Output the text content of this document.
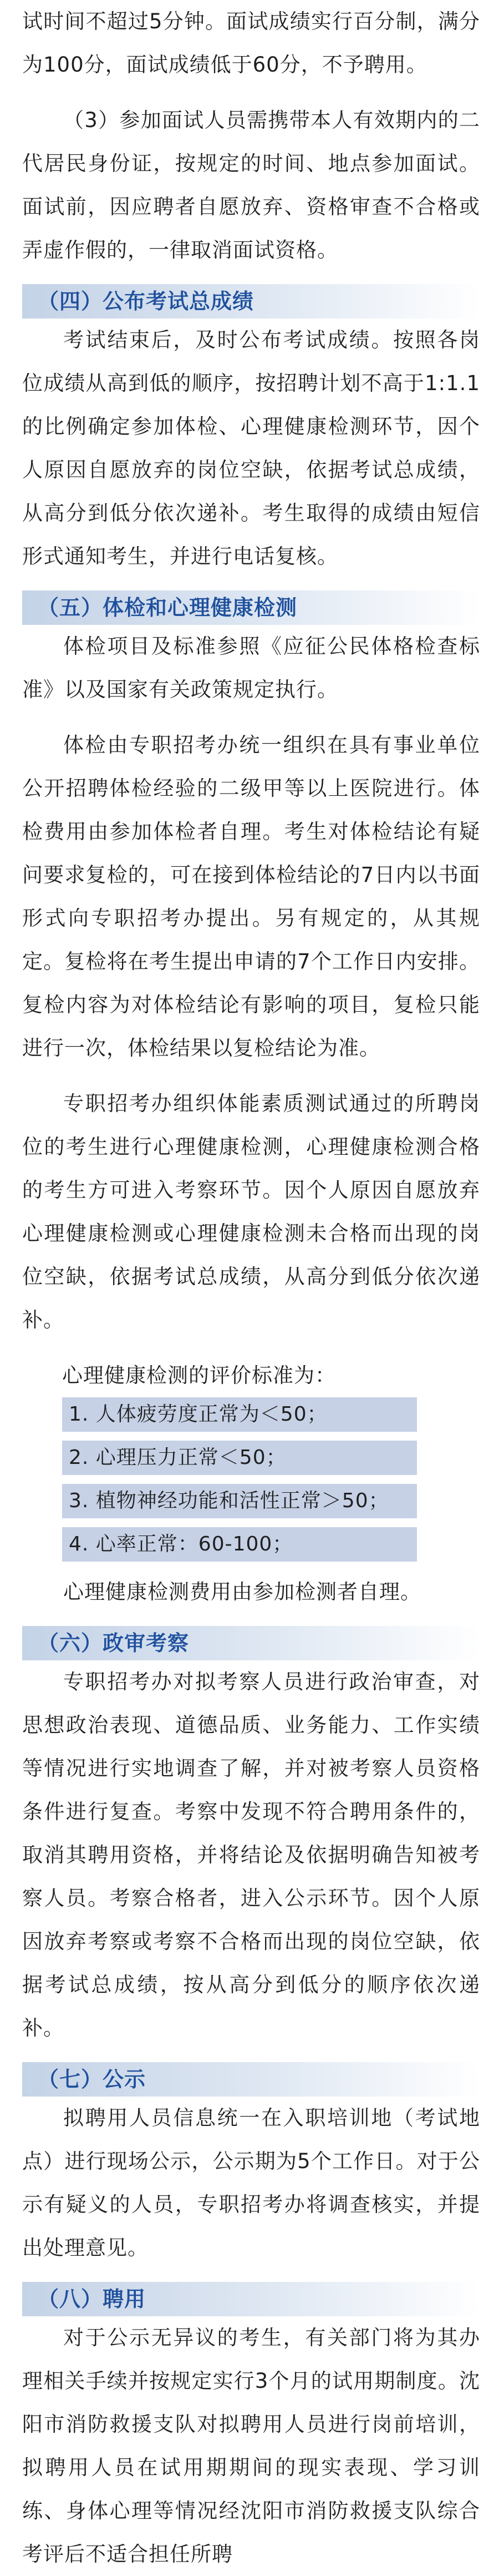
试时间不超过5分钟。面试成绩实行百分制，满分为100分，面试成绩低于60分，不予聘用。

（3）参加面试人员需携带本人有效期内的二代居民身份证，按规定的时间、地点参加面试。面试前，因应聘者自愿放弃、资格审查不合格或弄虚作假的，一律取消面试资格。

（四）公布考试总成绩

考试结束后，及时公布考试成绩。按照各岗位成绩从高到低的顺序，按招聘计划不高于1:1.1的比例确定参加体检、心理健康检测环节，因个人原因自愿放弃的岗位空缺，依据考试总成绩，从高分到低分依次递补。考生取得的成绩由短信形式通知考生，并进行电话复核。

（五）体检和心理健康检测

体检项目及标准参照《应征公民体格检查标准》以及国家有关政策规定执行。

体检由专职招考办统一组织在具有事业单位公开招聘体检经验的二级甲等以上医院进行。体检费用由参加体检者自理。考生对体检结论有疑问要求复检的，可在接到体检结论的7日内以书面形式向专职招考办提出。另有规定的，从其规定。复检将在考生提出申请的7个工作日内安排。复检内容为对体检结论有影响的项目，复检只能进行一次，体检结果以复检结论为准。

专职招考办组织体能素质测试通过的所聘岗位的考生进行心理健康检测，心理健康检测合格的考生方可进入考察环节。因个人原因自愿放弃心理健康检测或心理健康检测未合格而出现的岗位空缺，依据考试总成绩，从高分到低分依次递补。

心理健康检测的评价标准为：

1. 人体疲劳度正常为＜50；
2. 心理压力正常＜50；
3. 植物神经功能和活性正常＞50；
4. 心率正常：60-100；

心理健康检测费用由参加检测者自理。

（六）政审考察

专职招考办对拟考察人员进行政治审查，对思想政治表现、道德品质、业务能力、工作实绩等情况进行实地调查了解，并对被考察人员资格条件进行复查。考察中发现不符合聘用条件的，取消其聘用资格，并将结论及依据明确告知被考察人员。考察合格者，进入公示环节。因个人原因放弃考察或考察不合格而出现的岗位空缺，依据考试总成绩，按从高分到低分的顺序依次递补。

（七）公示

拟聘用人员信息统一在入职培训地（考试地点）进行现场公示，公示期为5个工作日。对于公示有疑义的人员，专职招考办将调查核实，并提出处理意见。

（八）聘用

对于公示无异议的考生，有关部门将为其办理相关手续并按规定实行3个月的试用期制度。沈阳市消防救援支队对拟聘用人员进行岗前培训，拟聘用人员在试用期期间的现实表现、学习训练、身体心理等情况经沈阳市消防救援支队综合考评后不适合担任所聘
